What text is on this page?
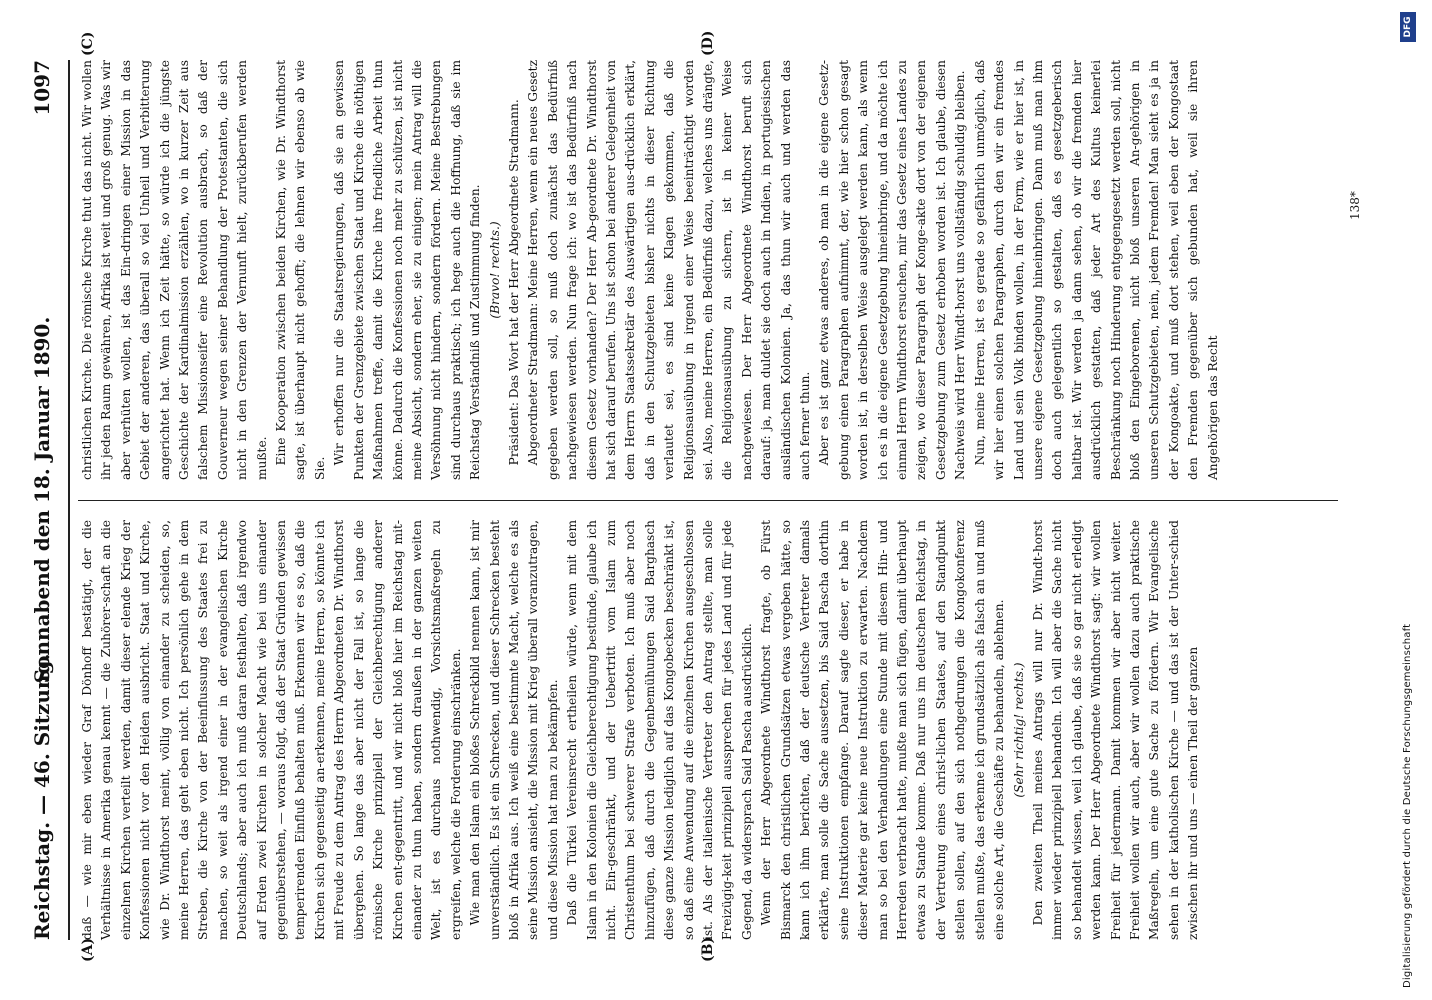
Reichstag. — 46. Sitzung.
Sonnabend den 18. Januar 1890.
1097
(A)	(B)
(C)	(D)

daß — wie mir eben wieder Graf Dönhoff bestätigt, der die Verhältnisse in Amerika genau kennt — die Zuhörer-schaft an die einzelnen Kirchen verteilt werden, damit dieser elende Krieg der Konfessionen nicht vor den Heiden ausbricht. Staat und Kirche, wie Dr. Windthorst meint, völlig von einander zu scheiden, so, meine Herren, das geht eben nicht. Ich persönlich gehe in dem Streben, die Kirche von der Beeinflussung des Staates frei zu machen, so weit als irgend einer in der evangelischen Kirche Deutschlands; aber auch ich muß daran festhalten, daß irgendwo auf Erden zwei Kirchen in solcher Macht wie bei uns einander gegenüberstehen, — woraus folgt, daß der Staat Gründen gewissen temperirenden Einfluß behalten muß. Erkennen wir es so, daß die Kirchen sich gegenseitig an-erkennen, meine Herren, so könnte ich mit Freude zu dem Antrag des Herrn Abgeordneten Dr. Windthorst übergehen. So lange das aber nicht der Fall ist, so lange die römische Kirche prinzipiell der Gleichberechtigung anderer Kirchen ent-gegentritt, und wir nicht bloß hier im Reichstag mit-einander zu thun haben, sondern draußen in der ganzen weiten Welt, ist es durchaus nothwendig, Vorsichtsmaßregeln zu ergreifen, welche die Forderung einschränken. Wie man den Islam ein bloßes Schreckbild nennen kann, ist mir unverständlich. Es ist ein Schrecken, und dieser Schrecken besteht bloß in Afrika aus. Ich weiß eine bestimmte Macht, welche es als seine Mission ansieht, die Mission mit Krieg überall voranzutragen, und diese Mission hat man zu bekämpfen. Daß die Türkei Vereinsrecht ertheilen würde, wenn mit dem Islam in den Kolonien die Gleichberechtigung bestünde, glaube ich nicht. Ein-geschränkt, und der Uebertritt vom Islam zum Christenthum bei schwerer Strafe verboten. Ich muß aber noch hinzufügen, daß durch die Gegenbemühungen Said Barghasch diese ganze Mission lediglich auf das Kongobecken beschränkt ist, so daß eine Anwendung auf die einzelnen Kirchen ausgeschlossen ist. Als der italienische Vertreter den Antrag stellte, man solle Freizügig-keit prinzipiell aussprechen für jedes Land und für jede Gegend, da widersprach Said Pascha ausdrücklich. Wenn der Herr Abgeordnete Windthorst fragte, ob Fürst Bismarck den christlichen Grundsätzen etwas vergeben hätte, so kann ich ihm berichten, daß der deutsche Vertreter damals erklärte, man solle die Sache aussetzen, bis Said Pascha dorthin seine Instruktionen empfange. Darauf sagte dieser, er habe in dieser Materie gar keine neue Instruktion zu erwarten. Nachdem man so bei den Verhandlungen eine Stunde mit diesem Hin- und Herreden verbracht hatte, mußte man sich fügen, damit überhaupt etwas zu Stande komme. Daß nur uns im deutschen Reichstag, in der Vertretung eines christ-lichen Staates, auf den Standpunkt stellen sollen, auf den sich nothgedrungen die Kongokonferenz stellen mußte, das erkenne ich grundsätzlich als falsch an und muß eine solche Art, die Geschäfte zu behandeln, ablehnen. (Sehr richtig! rechts.) Den zweiten Theil meines Antrags will nur Dr. Windt-horst immer wieder prinzipiell behandeln. Ich will aber die Sache nicht so behandelt wissen, weil ich glaube, daß sie so gar nicht erledigt werden kann. Der Herr Abgeordnete Windthorst sagt: wir wollen Freiheit für jedermann. Damit kommen wir aber nicht weiter. Freiheit wollen wir auch, aber wir wollen dazu auch praktische Maßregeln, um eine gute Sache zu fördern. Wir Evangelische sehen in der katholischen Kirche — und das ist der Unter-schied zwischen ihr und uns — einen Theil der ganzen

christlichen Kirche. Die römische Kirche thut das nicht. Wir wollen ihr jeden Raum gewähren, Afrika ist weit und groß genug. Was wir aber verhüten wollen, ist das Ein-dringen einer Mission in das Gebiet der anderen, das überall so viel Unheil und Verbitterung angerichtet hat. Wenn ich Zeit hätte, so würde ich die jüngste Geschichte der Kardinalmission erzählen, wo in kurzer Zeit aus falschem Missionseifer eine Revolution ausbrach, so daß der Gouverneur wegen seiner Behandlung der Protestanten, die sich nicht in den Grenzen der Vernunft hielt, zurückberufen werden mußte. Eine Kooperation zwischen beiden Kirchen, wie Dr. Windthorst sagte, ist überhaupt nicht gehofft; die lehnen wir ebenso ab wie Sie.

Wir erhoffen nur die Staatsregierungen, daß sie an gewissen Punkten der Grenzgebiete zwischen Staat und Kirche die nöthigen Maßnahmen treffe, damit die Kirche ihre friedliche Arbeit thun könne. Dadurch die Konfessionen noch mehr zu schützen, ist nicht meine Absicht, sondern eher, sie zu einigen; mein Antrag will die Versöhnung nicht hindern, sondern fördern. Meine Bestrebungen sind durchaus praktisch; ich hege auch die Hoffnung, daß sie im Reichstag Verständniß und Zustimmung finden. (Bravo! rechts.) Präsident: Das Wort hat der Herr Abgeordnete Stradmann. Abgeordneter Stradmann: Meine Herren, wenn ein neues Gesetz gegeben werden soll, so muß doch zunächst das Bedürfniß nachgewiesen werden. Nun frage ich: wo ist das Bedürfniß nach diesem Gesetz vorhanden? Der Herr Ab-geordnete Dr. Windthorst hat sich darauf berufen. Uns ist schon bei anderer Gelegenheit von dem Herrn Staatssekretär des Auswärtigen aus-drücklich erklärt, daß in den Schutzgebieten bisher nichts in dieser Richtung verlautet sei, es sind keine Klagen gekommen, daß die Religionsausübung in irgend einer Weise beeinträchtigt worden sei. Also, meine Herren, ein Bedürfniß dazu, welches uns drängte, die Religionsausübung zu sichern, ist in keiner Weise nachgewiesen. Der Herr Abgeordnete Windthorst beruft sich darauf: ja, man duldet sie doch auch in Indien, in portugiesischen ausländischen Kolonien. Ja, das thun wir auch und werden das auch ferner thun. Aber es ist ganz etwas anderes, ob man in die eigene Gesetz-gebung einen Paragraphen aufnimmt, der, wie hier schon gesagt worden ist, in derselben Weise ausgelegt werden kann, als wenn ich es in die eigene Gesetzgebung hineinbringe, und da möchte ich einmal Herrn Windthorst ersuchen, mir das Gesetz eines Landes zu zeigen, wo dieser Paragraph der Konge-akte dort von der eigenen Gesetzgebung zum Gesetz erhoben worden ist. Ich glaube, diesen Nachweis wird Herr Windt-horst uns vollständig schuldig bleiben. Nun, meine Herren, ist es gerade so gefährlich unmöglich, daß wir hier einen solchen Paragraphen, durch den wir ein fremdes Land und sein Volk binden wollen, in der Form, wie er hier ist, in unsere eigene Gesetzgebung hineinbringen. Dann muß man ihm doch auch gelegentlich so gestalten, daß es gesetzgeberisch haltbar ist. Wir werden ja dann sehen, ob wir die fremden hier ausdrücklich gestatten, daß jeder Art des Kultus keinerlei Beschränkung noch Hinderung entgegengesetzt werden soll, nicht bloß den Eingeborenen, nicht bloß unseren An-gehörigen in unseren Schutzgebieten, nein, jedem Fremden! Man sieht es ja in der Kongoakte, und muß dort stehen, weil eben der Kongostaat den Fremden gegenüber sich gebunden hat, weil sie ihren Angehörigen das Recht

138*
Digitalisierung gefördert durch die Deutsche Forschungsgemeinschaft
DFG
